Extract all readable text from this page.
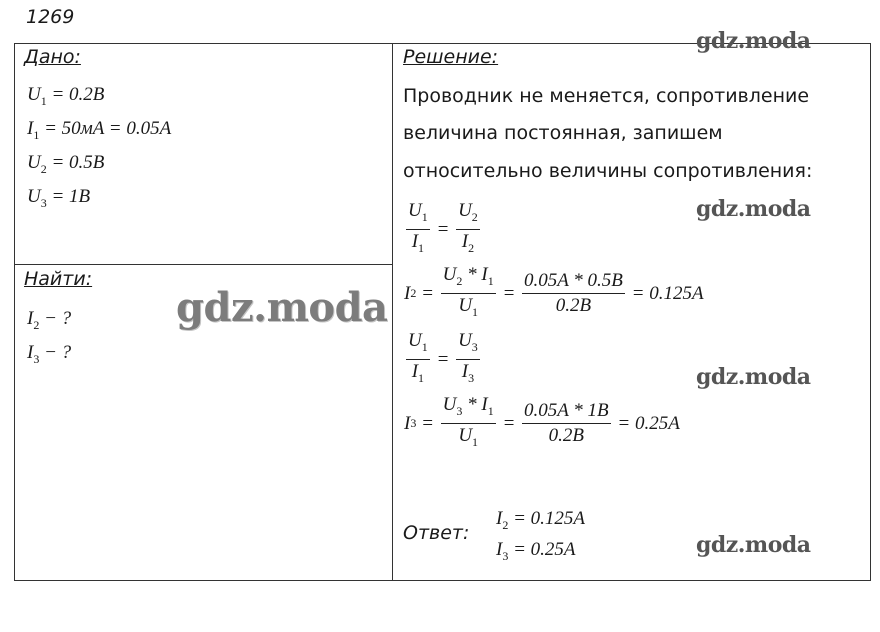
1269
Дано:
$U_1 = 0.2B$
$I_1 = 50мA = 0.05A$
$U_2 = 0.5B$
$U_3 = 1B$
Найти:
$I_2$ − ?
$I_3$ − ?
Решение:
Проводник не меняется, сопротивление
величина постоянная, запишем
относительно величины сопротивления:
$\frac{U_1}{I_1} = \frac{U_2}{I_2}$
I $2 = \frac{U_2 * I_1}{U_1} = \frac{0.05A * 0.5B}{0.2B}$
= 0.125A
$\frac{U_1}{I_1} = \frac{U_3}{I_3}$
I $3 = \frac{U_3 * I_1}{U_1} = \frac{0.05A * 1B}{0.2B}$
= 0.25A
Ответ:
$I_2 = 0.125A$
$I_3 = 0.25A$
gdz.moda
gdz.moda
gdz.moda
gdz.moda
gdz.moda
